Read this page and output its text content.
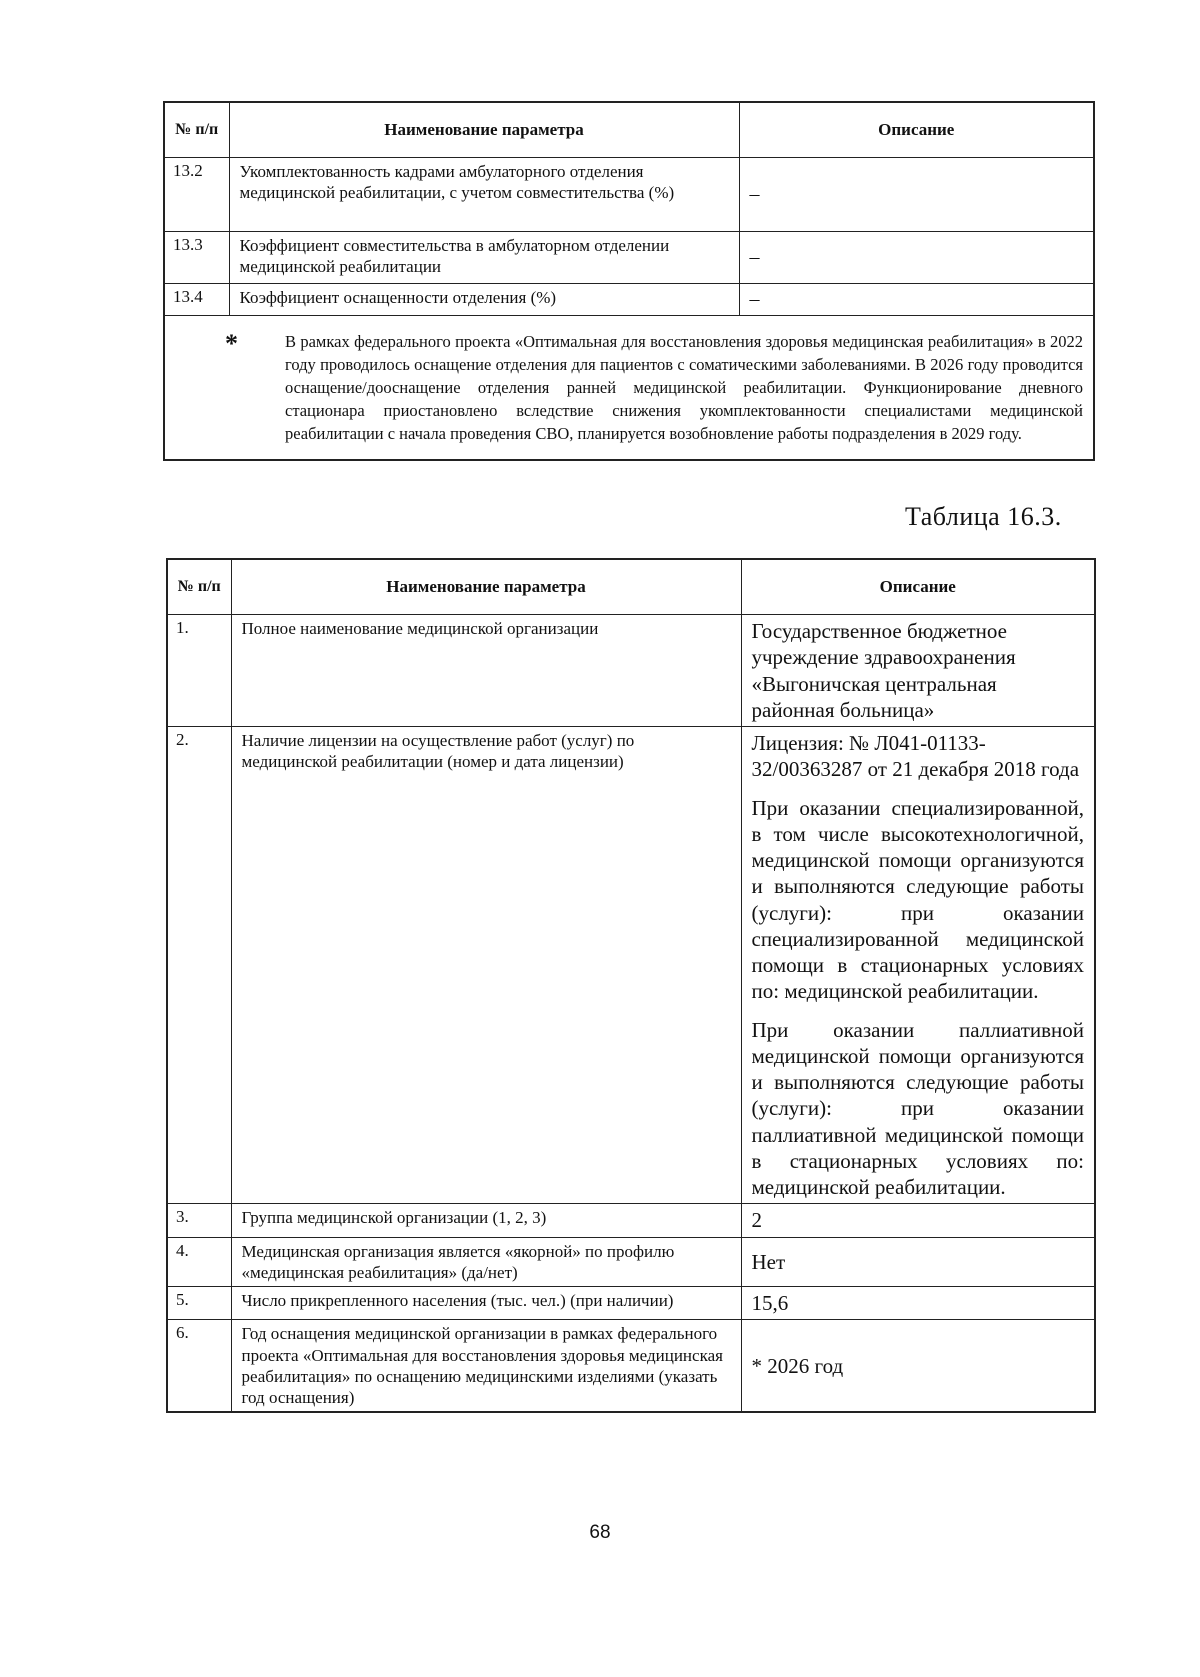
№ п/п	Наименование параметра	Описание
13.2	Укомплектованность кадрами амбулаторного отделения медицинской реабилитации, с учетом совместительства (%)	–
13.3	Коэффициент совместительства в амбулаторном отделении медицинской реабилитации	–
13.4	Коэффициент оснащенности отделения (%)	–

* В рамках федерального проекта «Оптимальная для восстановления здоровья медицинская реабилитация» в 2022 году проводилось оснащение отделения для пациентов с соматическими заболеваниями. В 2026 году проводится оснащение/дооснащение отделения ранней медицинской реабилитации. Функционирование дневного стационара приостановлено вследствие снижения укомплектованности специалистами медицинской реабилитации с начала проведения СВО, планируется возобновление работы подразделения в 2029 году.		
Таблица 16.3.
№ п/п	Наименование параметра	Описание
1.	Полное наименование медицинской организации	Государственное бюджетное учреждение здравоохранения «Выгоничская центральная районная больница»

2.	Наличие лицензии на осуществление работ (услуг) по медицинской реабилитации (номер и дата лицензии)	Лицензия: № Л041-01133-32/00363287 от 21 декабря 2018 года
При оказании специализированной, в том числе высокотехнологичной, медицинской помощи организуются и выполняются следующие работы (услуги): при оказании специализированной медицинской помощи в стационарных условиях по: медицинской реабилитации.
При оказании паллиативной медицинской помощи организуются и выполняются следующие работы (услуги): при оказании паллиативной медицинской помощи в стационарных условиях по: медицинской реабилитации.

3.	Группа медицинской организации (1, 2, 3)	2
4.	Медицинская организация является «якорной» по профилю «медицинская реабилитация» (да/нет)	Нет
5.	Число прикрепленного населения (тыс. чел.) (при наличии)	15,6
6.	Год оснащения медицинской организации в рамках федерального проекта «Оптимальная для восстановления здоровья медицинская реабилитация» по оснащению медицинскими изделиями (указать год оснащения)	* 2026 год
68
